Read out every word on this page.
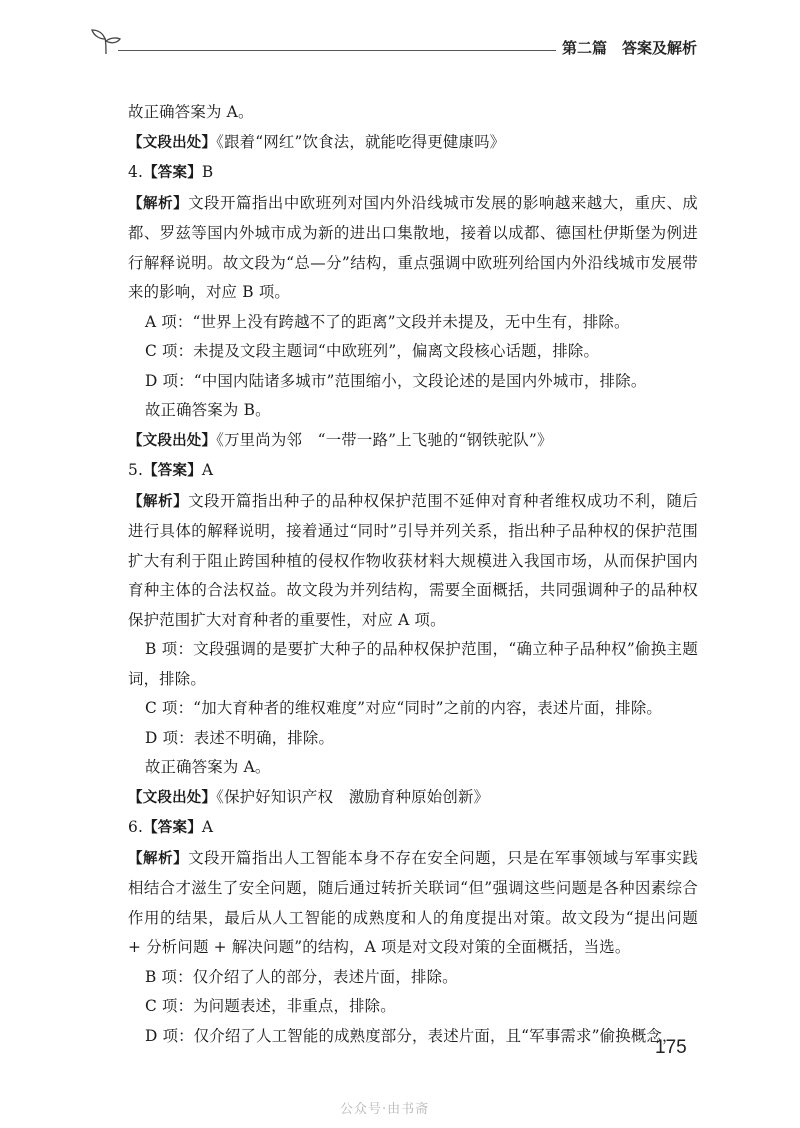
第二篇　答案及解析

故正确答案为 A。

【文段出处】《跟着“网红”饮食法，就能吃得更健康吗》

4.【答案】B

【解析】文段开篇指出中欧班列对国内外沿线城市发展的影响越来越大，重庆、成都、罗兹等国内外城市成为新的进出口集散地，接着以成都、德国杜伊斯堡为例进行解释说明。故文段为“总—分”结构，重点强调中欧班列给国内外沿线城市发展带来的影响，对应 B 项。

A 项：“世界上没有跨越不了的距离”文段并未提及，无中生有，排除。

C 项：未提及文段主题词“中欧班列”，偏离文段核心话题，排除。

D 项：“中国内陆诸多城市”范围缩小，文段论述的是国内外城市，排除。

故正确答案为 B。

【文段出处】《万里尚为邻　“一带一路”上飞驰的“钢铁驼队”》

5.【答案】A

【解析】文段开篇指出种子的品种权保护范围不延伸对育种者维权成功不利，随后进行具体的解释说明，接着通过“同时”引导并列关系，指出种子品种权的保护范围扩大有利于阻止跨国种植的侵权作物收获材料大规模进入我国市场，从而保护国内育种主体的合法权益。故文段为并列结构，需要全面概括，共同强调种子的品种权保护范围扩大对育种者的重要性，对应 A 项。

B 项：文段强调的是要扩大种子的品种权保护范围，“确立种子品种权”偷换主题词，排除。

C 项：“加大育种者的维权难度”对应“同时”之前的内容，表述片面，排除。

D 项：表述不明确，排除。

故正确答案为 A。

【文段出处】《保护好知识产权　激励育种原始创新》

6.【答案】A

【解析】文段开篇指出人工智能本身不存在安全问题，只是在军事领域与军事实践相结合才滋生了安全问题，随后通过转折关联词“但”强调这些问题是各种因素综合作用的结果，最后从人工智能的成熟度和人的角度提出对策。故文段为“提出问题 + 分析问题 + 解决问题”的结构，A 项是对文段对策的全面概括，当选。

B 项：仅介绍了人的部分，表述片面，排除。

C 项：为问题表述，非重点，排除。

D 项：仅介绍了人工智能的成熟度部分，表述片面，且“军事需求”偷换概念，

175
公众号·由书斋
